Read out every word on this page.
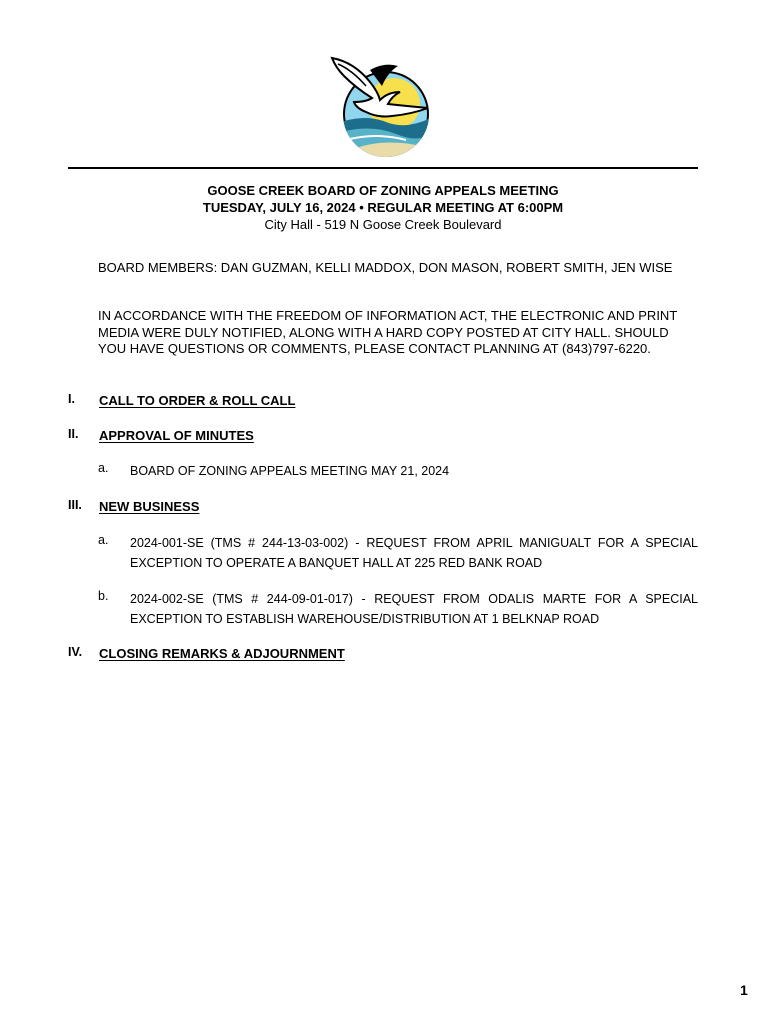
GOOSE CREEK BOARD OF ZONING APPEALS MEETING
TUESDAY, JULY 16, 2024 • REGULAR MEETING AT 6:00PM
City Hall - 519 N Goose Creek Boulevard
BOARD MEMBERS: DAN GUZMAN, KELLI MADDOX, DON MASON, ROBERT SMITH, JEN WISE
IN ACCORDANCE WITH THE FREEDOM OF INFORMATION ACT, THE ELECTRONIC AND PRINT MEDIA WERE DULY NOTIFIED, ALONG WITH A HARD COPY POSTED AT CITY HALL. SHOULD YOU HAVE QUESTIONS OR COMMENTS, PLEASE CONTACT PLANNING AT (843)797-6220.
I. CALL TO ORDER & ROLL CALL
II. APPROVAL OF MINUTES
a. BOARD OF ZONING APPEALS MEETING MAY 21, 2024
III. NEW BUSINESS
a. 2024-001-SE (TMS # 244-13-03-002) - REQUEST FROM APRIL MANIGUALT FOR A SPECIAL EXCEPTION TO OPERATE A BANQUET HALL AT 225 RED BANK ROAD
b. 2024-002-SE (TMS # 244-09-01-017) - REQUEST FROM ODALIS MARTE FOR A SPECIAL EXCEPTION TO ESTABLISH WAREHOUSE/DISTRIBUTION AT 1 BELKNAP ROAD
IV. CLOSING REMARKS & ADJOURNMENT
1
